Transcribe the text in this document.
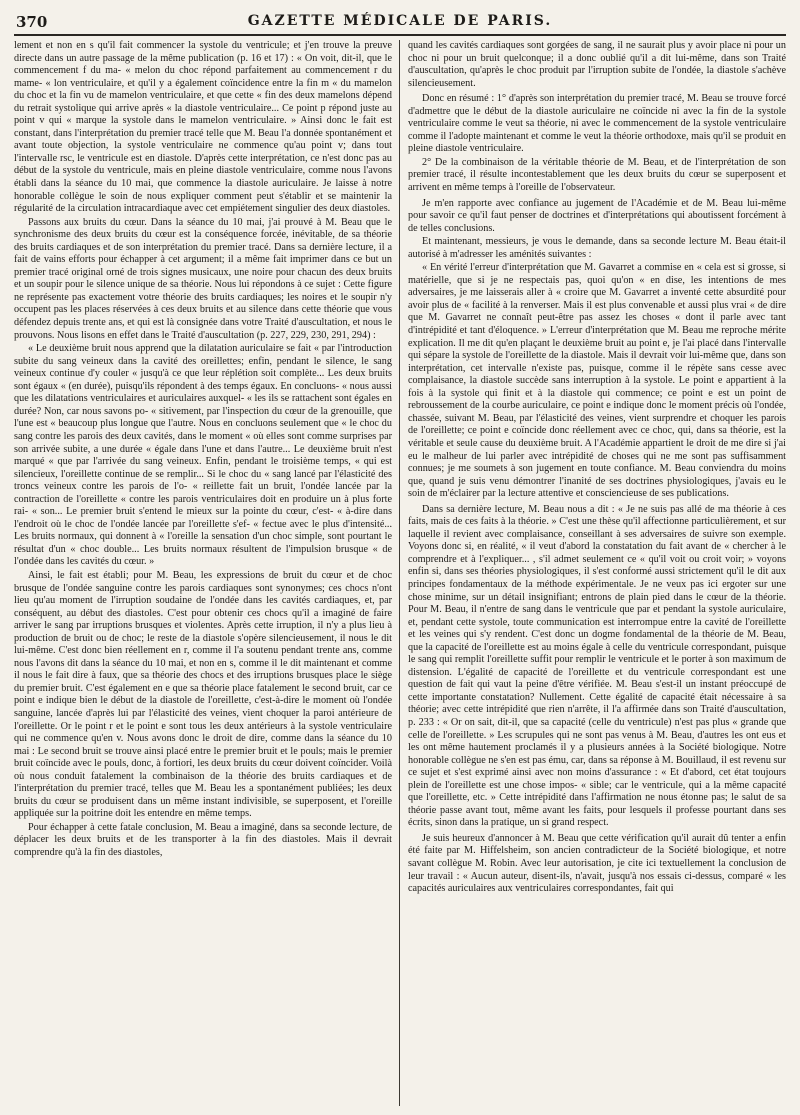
370	GAZETTE MÉDICALE DE PARIS.

lement et non en s qu'il fait commencer la systole du ventricule; et j'en trouve la preuve directe dans un autre passage de la même publication (p. 16 et 17) : « On voit, dit-il, que le commencement f du ma- « melon du choc répond parfaitement au commencement r du mame- « lon ventriculaire, et qu'il y a également coïncidence entre la fin m « du mamelon du choc et la fin vu de mamelon ventriculaire, et que cette « fin des deux mamelons dépend du retrait systolique qui arrive après « la diastole ventriculaire... Ce point p répond juste au point v qui « marque la systole dans le mamelon ventriculaire. » Ainsi donc le fait est constant, dans l'interprétation du premier tracé telle que M. Beau l'a donnée spontanément et avant toute objection, la systole ventriculaire ne commence qu'au point v; dans tout l'intervalle rsc, le ventricule est en diastole. D'après cette interprétation, ce n'est donc pas au début de la systole du ventricule, mais en pleine diastole ventriculaire, comme nous l'avons établi dans la séance du 10 mai, que commence la diastole auriculaire. Je laisse à notre honorable collègue le soin de nous expliquer comment peut s'établir et se maintenir la régularité de la circulation intracardiaque avec cet empiétement singulier des deux diastoles.

Passons aux bruits du cœur. Dans la séance du 10 mai, j'ai prouvé à M. Beau que le synchronisme des deux bruits du cœur est la conséquence forcée, inévitable, de sa théorie des bruits cardiaques et de son interprétation du premier tracé. Dans sa dernière lecture, il a fait de vains efforts pour échapper à cet argument; il a même fait imprimer dans ce but un premier tracé original orné de trois signes musicaux, une noire pour chacun des deux bruits et un soupir pour le silence unique de sa théorie. Nous lui répondons à ce sujet : Cette figure ne représente pas exactement votre théorie des bruits cardiaques; les noires et le soupir n'y occupent pas les places réservées à ces deux bruits et au silence dans cette théorie que vous défendez depuis trente ans, et qui est là consignée dans votre Traité d'auscultation, et nous le prouvons. Nous lisons en effet dans le Traité d'auscultation (p. 227, 229, 230, 291, 294) :

« Le deuxième bruit nous apprend que la dilatation auriculaire se fait « par l'introduction subite du sang veineux dans la cavité des oreillettes; enfin, pendant le silence, le sang veineux continue d'y couler « jusqu'à ce que leur réplétion soit complète... Les deux bruits sont égaux « (en durée), puisqu'ils répondent à des temps égaux. En concluons- « nous aussi que les dilatations ventriculaires et auriculaires auxquel- « les ils se rattachent sont égales en durée? Non, car nous savons po- « sitivement, par l'inspection du cœur de la grenouille, que l'une est « beaucoup plus longue que l'autre. Nous en concluons seulement que « le choc du sang contre les parois des deux cavités, dans le moment « où elles sont comme surprises par son arrivée subite, a une durée « égale dans l'une et dans l'autre... Le deuxième bruit n'est marqué « que par l'arrivée du sang veineux. Enfin, pendant le troisième temps, « qui est silencieux, l'oreillette continue de se remplir... Si le choc du « sang lancé par l'élasticité des troncs veineux contre les parois de l'o- « reillette fait un bruit, l'ondée lancée par la contraction de l'oreillette « contre les parois ventriculaires doit en produire un à plus forte rai- « son... Le premier bruit s'entend le mieux sur la pointe du cœur, c'est- « à-dire dans l'endroit où le choc de l'ondée lancée par l'oreillette s'ef- « fectue avec le plus d'intensité... Les bruits normaux, qui donnent à « l'oreille la sensation d'un choc simple, sont pourtant le résultat d'un « choc double... Les bruits normaux résultent de l'impulsion brusque « de l'ondée dans les cavités du cœur. »

Ainsi, le fait est établi; pour M. Beau, les expressions de bruit du cœur et de choc brusque de l'ondée sanguine contre les parois cardiaques sont synonymes; ces chocs n'ont lieu qu'au moment de l'irruption soudaine de l'ondée dans les cavités cardiaques, et, par conséquent, au début des diastoles. C'est pour obtenir ces chocs qu'il a imaginé de faire arriver le sang par irruptions brusques et violentes. Après cette irruption, il n'y a plus lieu à production de bruit ou de choc; le reste de la diastole s'opère silencieusement, il nous le dit lui-même. C'est donc bien réellement en r, comme il l'a soutenu pendant trente ans, comme nous l'avons dit dans la séance du 10 mai, et non en s, comme il le dit maintenant et comme il nous le fait dire à faux, que sa théorie des chocs et des irruptions brusques place le siège du premier bruit. C'est également en e que sa théorie place fatalement le second bruit, car ce point e indique bien le début de la diastole de l'oreillette, c'est-à-dire le moment où l'ondée sanguine, lancée d'après lui par l'élasticité des veines, vient choquer la paroi antérieure de l'oreillette. Or le point r et le point e sont tous les deux antérieurs à la systole ventriculaire qui ne commence qu'en v. Nous avons donc le droit de dire, comme dans la séance du 10 mai : Le second bruit se trouve ainsi placé entre le premier bruit et le pouls; mais le premier bruit coïncide avec le pouls, donc, à fortiori, les deux bruits du cœur doivent coïncider. Voilà où nous conduit fatalement la combinaison de la théorie des bruits cardiaques et de l'interprétation du premier tracé, telles que M. Beau les a spontanément publiées; les deux bruits du cœur se produisent dans un même instant indivisible, se superposent, et l'oreille appliquée sur la poitrine doit les entendre en même temps.

Pour échapper à cette fatale conclusion, M. Beau a imaginé, dans sa seconde lecture, de déplacer les deux bruits et de les transporter à la fin des diastoles. Mais il devrait comprendre qu'à la fin des diastoles,

quand les cavités cardiaques sont gorgées de sang, il ne saurait plus y avoir place ni pour un choc ni pour un bruit quelconque; il a donc oublié qu'il a dit lui-même, dans son Traité d'auscultation, qu'après le choc produit par l'irruption subite de l'ondée, la diastole s'achève silencieusement.

Donc en résumé : 1° d'après son interprétation du premier tracé, M. Beau se trouve forcé d'admettre que le début de la diastole auriculaire ne coïncide ni avec la fin de la systole ventriculaire comme le veut sa théorie, ni avec le commencement de la systole ventriculaire comme il l'adopte maintenant et comme le veut la théorie orthodoxe, mais qu'il se produit en pleine diastole ventriculaire.

2° De la combinaison de la véritable théorie de M. Beau, et de l'interprétation de son premier tracé, il résulte incontestablement que les deux bruits du cœur se superposent et arrivent en même temps à l'oreille de l'observateur.

Je m'en rapporte avec confiance au jugement de l'Académie et de M. Beau lui-même pour savoir ce qu'il faut penser de doctrines et d'interprétations qui aboutissent forcément à de telles conclusions.

Et maintenant, messieurs, je vous le demande, dans sa seconde lecture M. Beau était-il autorisé à m'adresser les aménités suivantes :

« En vérité l'erreur d'interprétation que M. Gavarret a commise en « cela est si grosse, si matérielle, que si je ne respectais pas, quoi qu'on « en dise, les intentions de mes adversaires, je me laisserais aller à « croire que M. Gavarret a inventé cette absurdité pour avoir plus de « facilité à la renverser. Mais il est plus convenable et aussi plus vrai « de dire que M. Gavarret ne connaît peut-être pas assez les choses « dont il parle avec tant d'intrépidité et tant d'éloquence. » L'erreur d'interprétation que M. Beau me reproche mérite explication. Il me dit qu'en plaçant le deuxième bruit au point e, je l'ai placé dans l'intervalle qui sépare la systole de l'oreillette de la diastole. Mais il devrait voir lui-même que, dans son interprétation, cet intervalle n'existe pas, puisque, comme il le répète sans cesse avec complaisance, la diastole succède sans interruption à la systole. Le point e appartient à la fois à la systole qui finit et à la diastole qui commence; ce point e est un point de rebroussement de la courbe auriculaire, ce point e indique donc le moment précis où l'ondée, chassée, suivant M. Beau, par l'élasticité des veines, vient surprendre et choquer les parois de l'oreillette; ce point e coïncide donc réellement avec ce choc, qui, dans sa théorie, est la véritable et seule cause du deuxième bruit. A l'Académie appartient le droit de me dire si j'ai eu le malheur de lui parler avec intrépidité de choses qui ne me sont pas suffisamment connues; je me soumets à son jugement en toute confiance. M. Beau conviendra du moins que, quand je suis venu démontrer l'inanité de ses doctrines physiologiques, j'avais eu le soin de m'éclairer par la lecture attentive et consciencieuse de ses publications.

Dans sa dernière lecture, M. Beau nous a dit : « Je ne suis pas allé de ma théorie à ces faits, mais de ces faits à la théorie. » C'est une thèse qu'il affectionne particulièrement, et sur laquelle il revient avec complaisance, conseillant à ses adversaires de suivre son exemple. Voyons donc si, en réalité, « il veut d'abord la constatation du fait avant de « chercher à le comprendre et à l'expliquer... , s'il admet seulement ce « qu'il voit ou croit voir; » voyons enfin si, dans ses théories physiologiques, il s'est conformé aussi strictement qu'il le dit aux principes fondamentaux de la méthode expérimentale. Je ne veux pas ici ergoter sur une chose minime, sur un détail insignifiant; entrons de plain pied dans le cœur de la théorie. Pour M. Beau, il n'entre de sang dans le ventricule que par et pendant la systole auriculaire, et, pendant cette systole, toute communication est interrompue entre la cavité de l'oreillette et les veines qui s'y rendent. C'est donc un dogme fondamental de la théorie de M. Beau, que la capacité de l'oreillette est au moins égale à celle du ventricule correspondant, puisque le sang qui remplit l'oreillette suffit pour remplir le ventricule et le porter à son maximum de distension. L'égalité de capacité de l'oreillette et du ventricule correspondant est une question de fait qui vaut la peine d'être vérifiée. M. Beau s'est-il un instant préoccupé de cette importante constatation? Nullement. Cette égalité de capacité était nécessaire à sa théorie; avec cette intrépidité que rien n'arrête, il l'a affirmée dans son Traité d'auscultation, p. 233 : « Or on sait, dit-il, que sa capacité (celle du ventricule) n'est pas plus « grande que celle de l'oreillette. » Les scrupules qui ne sont pas venus à M. Beau, d'autres les ont eus et les ont même hautement proclamés il y a plusieurs années à la Société biologique. Notre honorable collègue ne s'en est pas ému, car, dans sa réponse à M. Bouillaud, il est revenu sur ce sujet et s'est exprimé ainsi avec non moins d'assurance : « Et d'abord, cet état toujours plein de l'oreillette est une chose impos- « sible; car le ventricule, qui a la même capacité que l'oreillette, etc. » Cette intrépidité dans l'affirmation ne nous étonne pas; le salut de sa théorie passe avant tout, même avant les faits, pour lesquels il professe pourtant dans ses écrits, sinon dans la pratique, un si grand respect.

Je suis heureux d'annoncer à M. Beau que cette vérification qu'il aurait dû tenter a enfin été faite par M. Hiffelsheim, son ancien contradicteur de la Société biologique, et notre savant collègue M. Robin. Avec leur autorisation, je cite ici textuellement la conclusion de leur travail : « Aucun auteur, disent-ils, n'avait, jusqu'à nos essais ci-dessus, comparé « les capacités auriculaires aux ventriculaires correspondantes, fait qui
